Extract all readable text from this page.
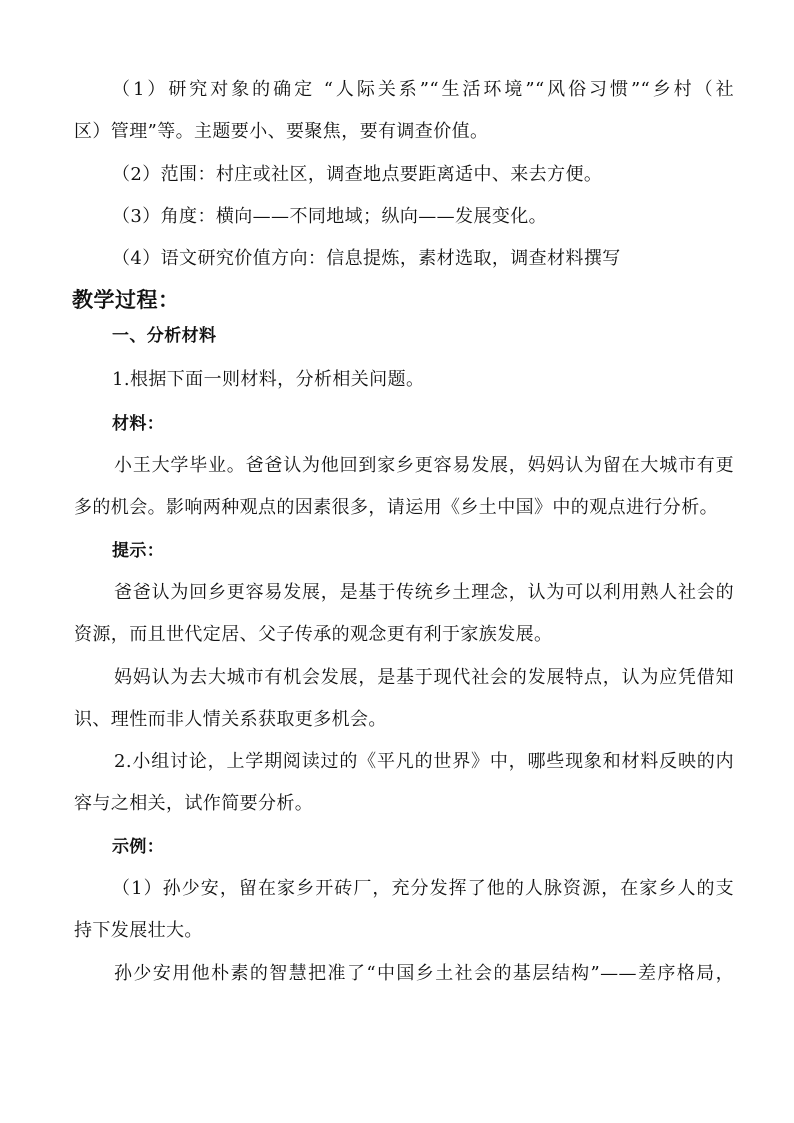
（1）研究对象的确定 “人际关系”“生活环境”“风俗习惯”“乡村（社
区）管理”等。主题要小、要聚焦，要有调查价值。
（2）范围：村庄或社区，调查地点要距离适中、来去方便。
（3）角度：横向——不同地域；纵向——发展变化。
（4）语文研究价值方向：信息提炼，素材选取，调查材料撰写
教学过程：
一、分析材料
1.根据下面一则材料，分析相关问题。
材料：
小王大学毕业。爸爸认为他回到家乡更容易发展，妈妈认为留在大城市有更
多的机会。影响两种观点的因素很多，请运用《乡土中国》中的观点进行分析。
提示：
爸爸认为回乡更容易发展，是基于传统乡土理念，认为可以利用熟人社会的
资源，而且世代定居、父子传承的观念更有利于家族发展。
妈妈认为去大城市有机会发展，是基于现代社会的发展特点，认为应凭借知
识、理性而非人情关系获取更多机会。
2.小组讨论，上学期阅读过的《平凡的世界》中，哪些现象和材料反映的内
容与之相关，试作简要分析。
示例：
（1）孙少安，留在家乡开砖厂，充分发挥了他的人脉资源，在家乡人的支
持下发展壮大。
孙少安用他朴素的智慧把准了“中国乡土社会的基层结构”——差序格局，
